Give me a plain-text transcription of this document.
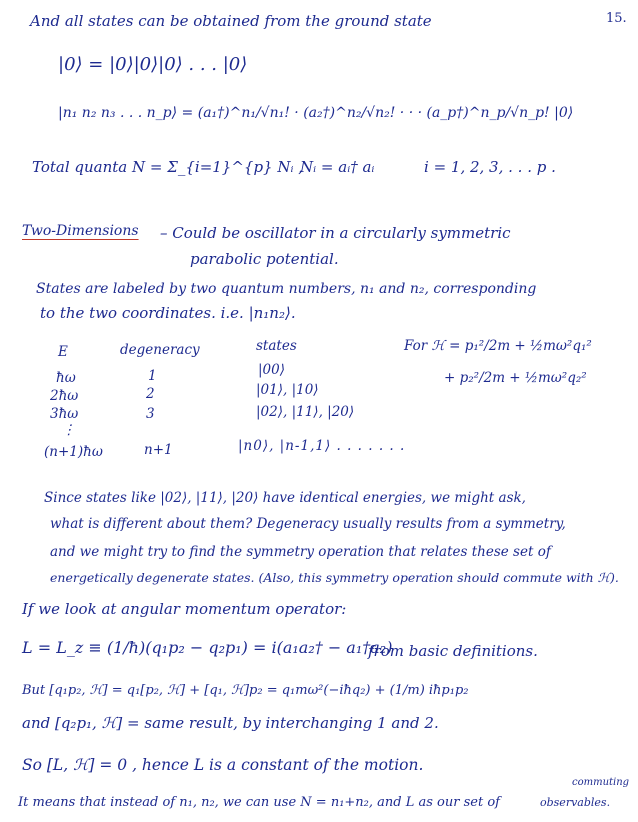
15.
And all states can be obtained from the ground state
|0⟩ = |0⟩|0⟩|0⟩ . . . |0⟩
|n₁ n₂ n₃ . . . n_p⟩ = (a₁†)^n₁/√n₁! · (a₂†)^n₂/√n₂! · · · (a_p†)^n_p/√n_p! |0⟩
Total quanta N = Σ_{i=1}^{p} Nᵢ ,
Nᵢ = aᵢ† aᵢ	i = 1, 2, 3, . . . p .
Two-Dimensions – Could be oscillator in a circularly symmetric
parabolic potential.
States are labeled by two quantum numbers, n₁ and n₂, corresponding
to the two coordinates. i.e. |n₁n₂⟩.
E	degeneracy	states	For ℋ = p₁²/2m + ½mω²q₁²
+ p₂²/2m + ½mω²q₂²
ħω	1	|00⟩
2ħω	2	|01⟩, |10⟩
3ħω	3	|02⟩, |11⟩, |20⟩
⋮
(n+1)ħω	n+1	|n0⟩, |n-1,1⟩ . . . . . . .
Since states like |02⟩, |11⟩, |20⟩ have identical energies, we might ask,
what is different about them? Degeneracy usually results from a symmetry,
and we might try to find the symmetry operation that relates these set of
energetically degenerate states. (Also, this symmetry operation should commute with ℋ).
If we look at angular momentum operator:
L = L_z ≡ (1/ħ)(q₁p₂ − q₂p₁) = i(a₁a₂† − a₁†a₂)
from basic definitions.
But [q₁p₂, ℋ] = q₁[p₂, ℋ] + [q₁, ℋ]p₂ = q₁mω²(−iħq₂) + (1/m) iħp₁p₂
and [q₂p₁, ℋ] = same result, by interchanging 1 and 2.
So [L, ℋ] = 0 , hence L is a constant of the motion.
It means that instead of n₁, n₂, we can use N = n₁+n₂, and L as our set of
commuting
observables.
